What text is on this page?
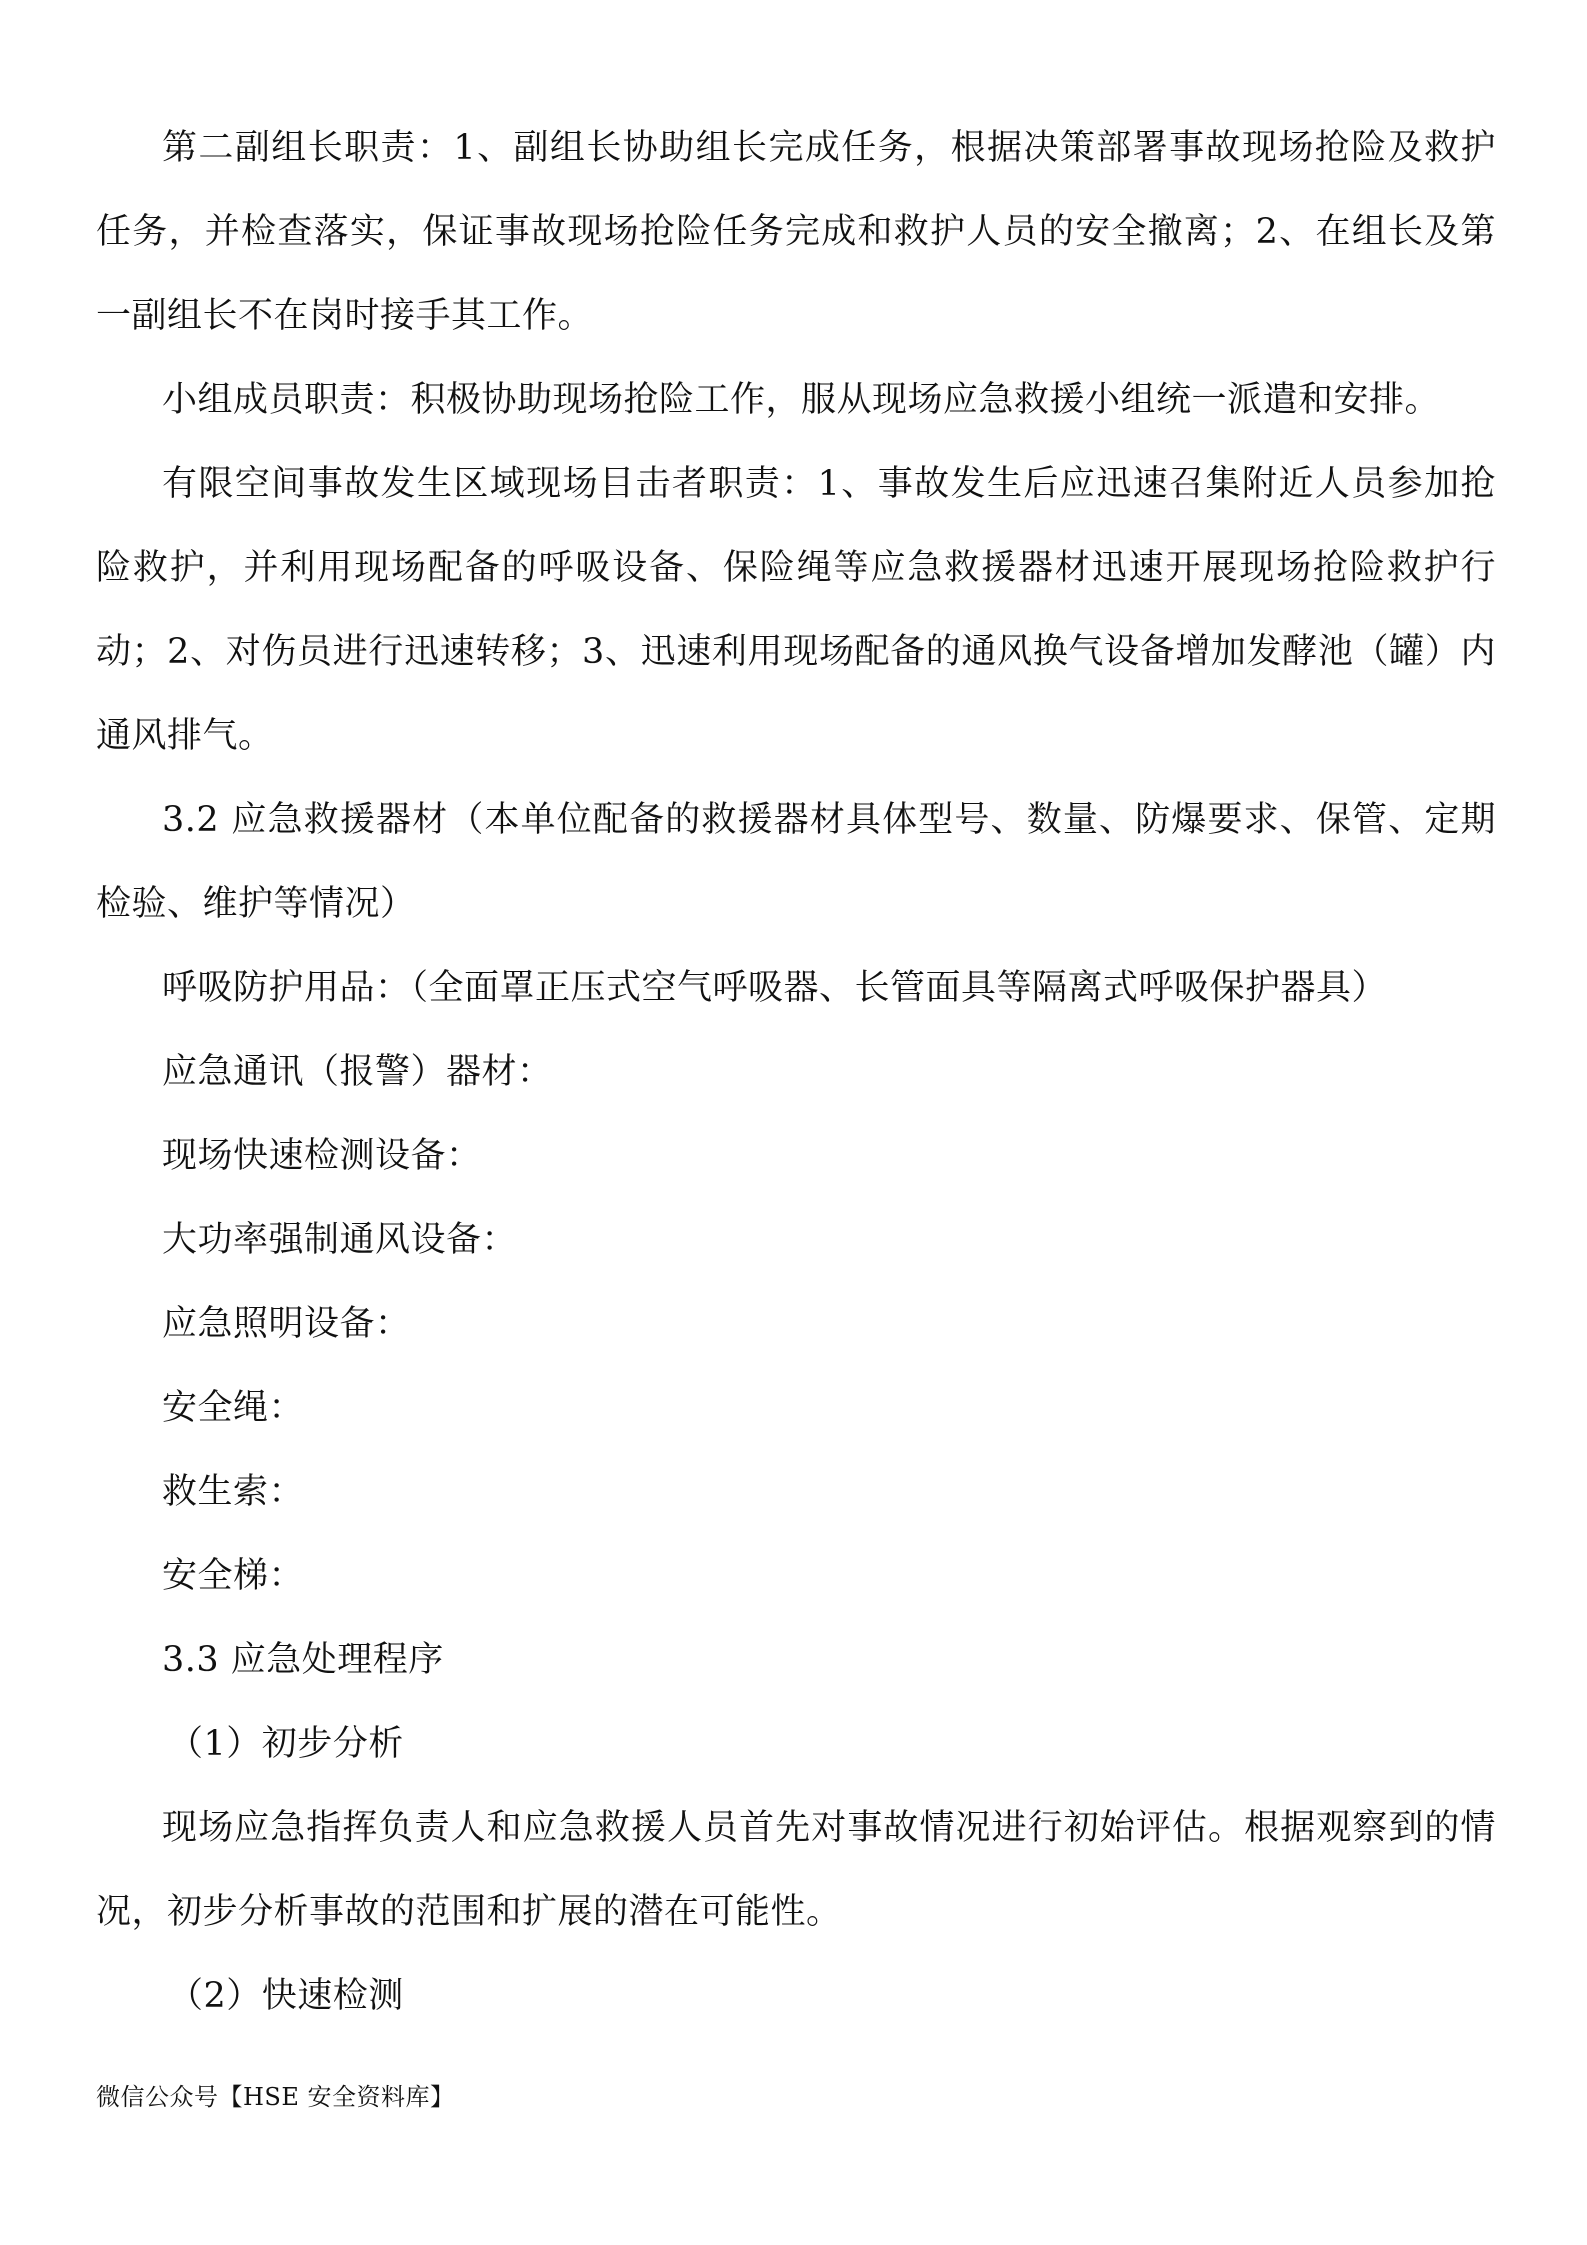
第二副组长职责：1、副组长协助组长完成任务，根据决策部署事故现场抢险及救护任务，并检查落实，保证事故现场抢险任务完成和救护人员的安全撤离；2、在组长及第一副组长不在岗时接手其工作。

小组成员职责：积极协助现场抢险工作，服从现场应急救援小组统一派遣和安排。

有限空间事故发生区域现场目击者职责：1、事故发生后应迅速召集附近人员参加抢险救护，并利用现场配备的呼吸设备、保险绳等应急救援器材迅速开展现场抢险救护行动；2、对伤员进行迅速转移；3、迅速利用现场配备的通风换气设备增加发酵池（罐）内通风排气。

3.2 应急救援器材（本单位配备的救援器材具体型号、数量、防爆要求、保管、定期检验、维护等情况）

呼吸防护用品：（全面罩正压式空气呼吸器、长管面具等隔离式呼吸保护器具）

应急通讯（报警）器材：

现场快速检测设备：

大功率强制通风设备：

应急照明设备：

安全绳：

救生索：

安全梯：

3.3 应急处理程序

（1）初步分析

现场应急指挥负责人和应急救援人员首先对事故情况进行初始评估。根据观察到的情况，初步分析事故的范围和扩展的潜在可能性。

（2）快速检测

微信公众号【HSE 安全资料库】
